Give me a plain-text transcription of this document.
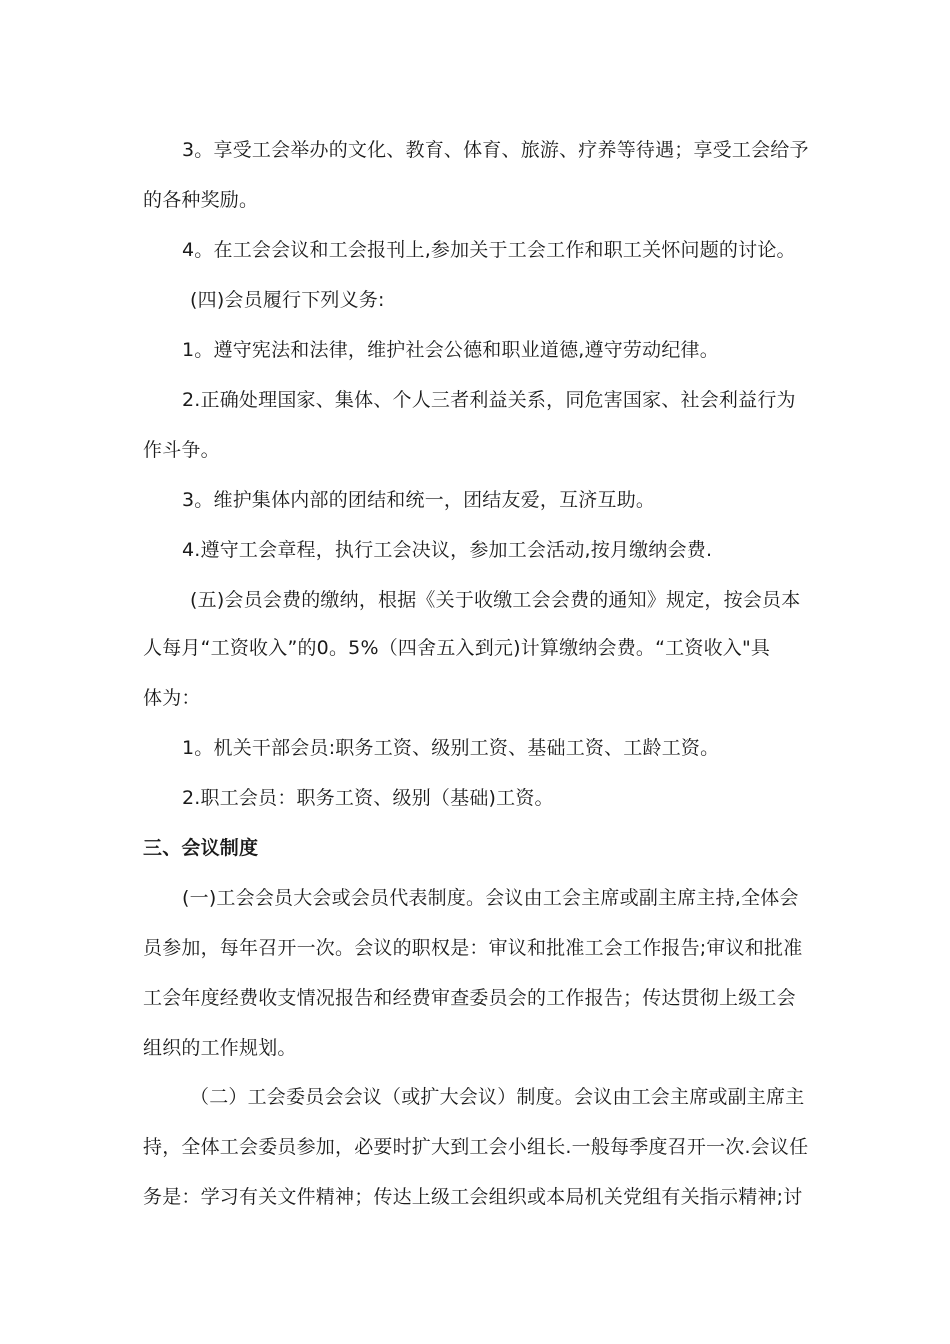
3。享受工会举办的文化、教育、体育、旅游、疗养等待遇；享受工会给予
的各种奖励。
4。在工会会议和工会报刊上,参加关于工会工作和职工关怀问题的讨论。
(四)会员履行下列义务:
1。遵守宪法和法律，维护社会公德和职业道德,遵守劳动纪律。
2.正确处理国家、集体、个人三者利益关系，同危害国家、社会利益行为
作斗争。
3。维护集体内部的团结和统一，团结友爱，互济互助。
4.遵守工会章程，执行工会决议，参加工会活动,按月缴纳会费.
(五)会员会费的缴纳，根据《关于收缴工会会费的通知》规定，按会员本
人每月“工资收入”的0。5%（四舍五入到元)计算缴纳会费。“工资收入"具
体为：
1。机关干部会员:职务工资、级别工资、基础工资、工龄工资。
2.职工会员：职务工资、级别（基础)工资。
三、会议制度
(一)工会会员大会或会员代表制度。会议由工会主席或副主席主持,全体会
员参加，每年召开一次。会议的职权是：审议和批准工会工作报告;审议和批准
工会年度经费收支情况报告和经费审查委员会的工作报告；传达贯彻上级工会
组织的工作规划。
（二）工会委员会会议（或扩大会议）制度。会议由工会主席或副主席主
持，全体工会委员参加，必要时扩大到工会小组长.一般每季度召开一次.会议任
务是：学习有关文件精神；传达上级工会组织或本局机关党组有关指示精神;讨
